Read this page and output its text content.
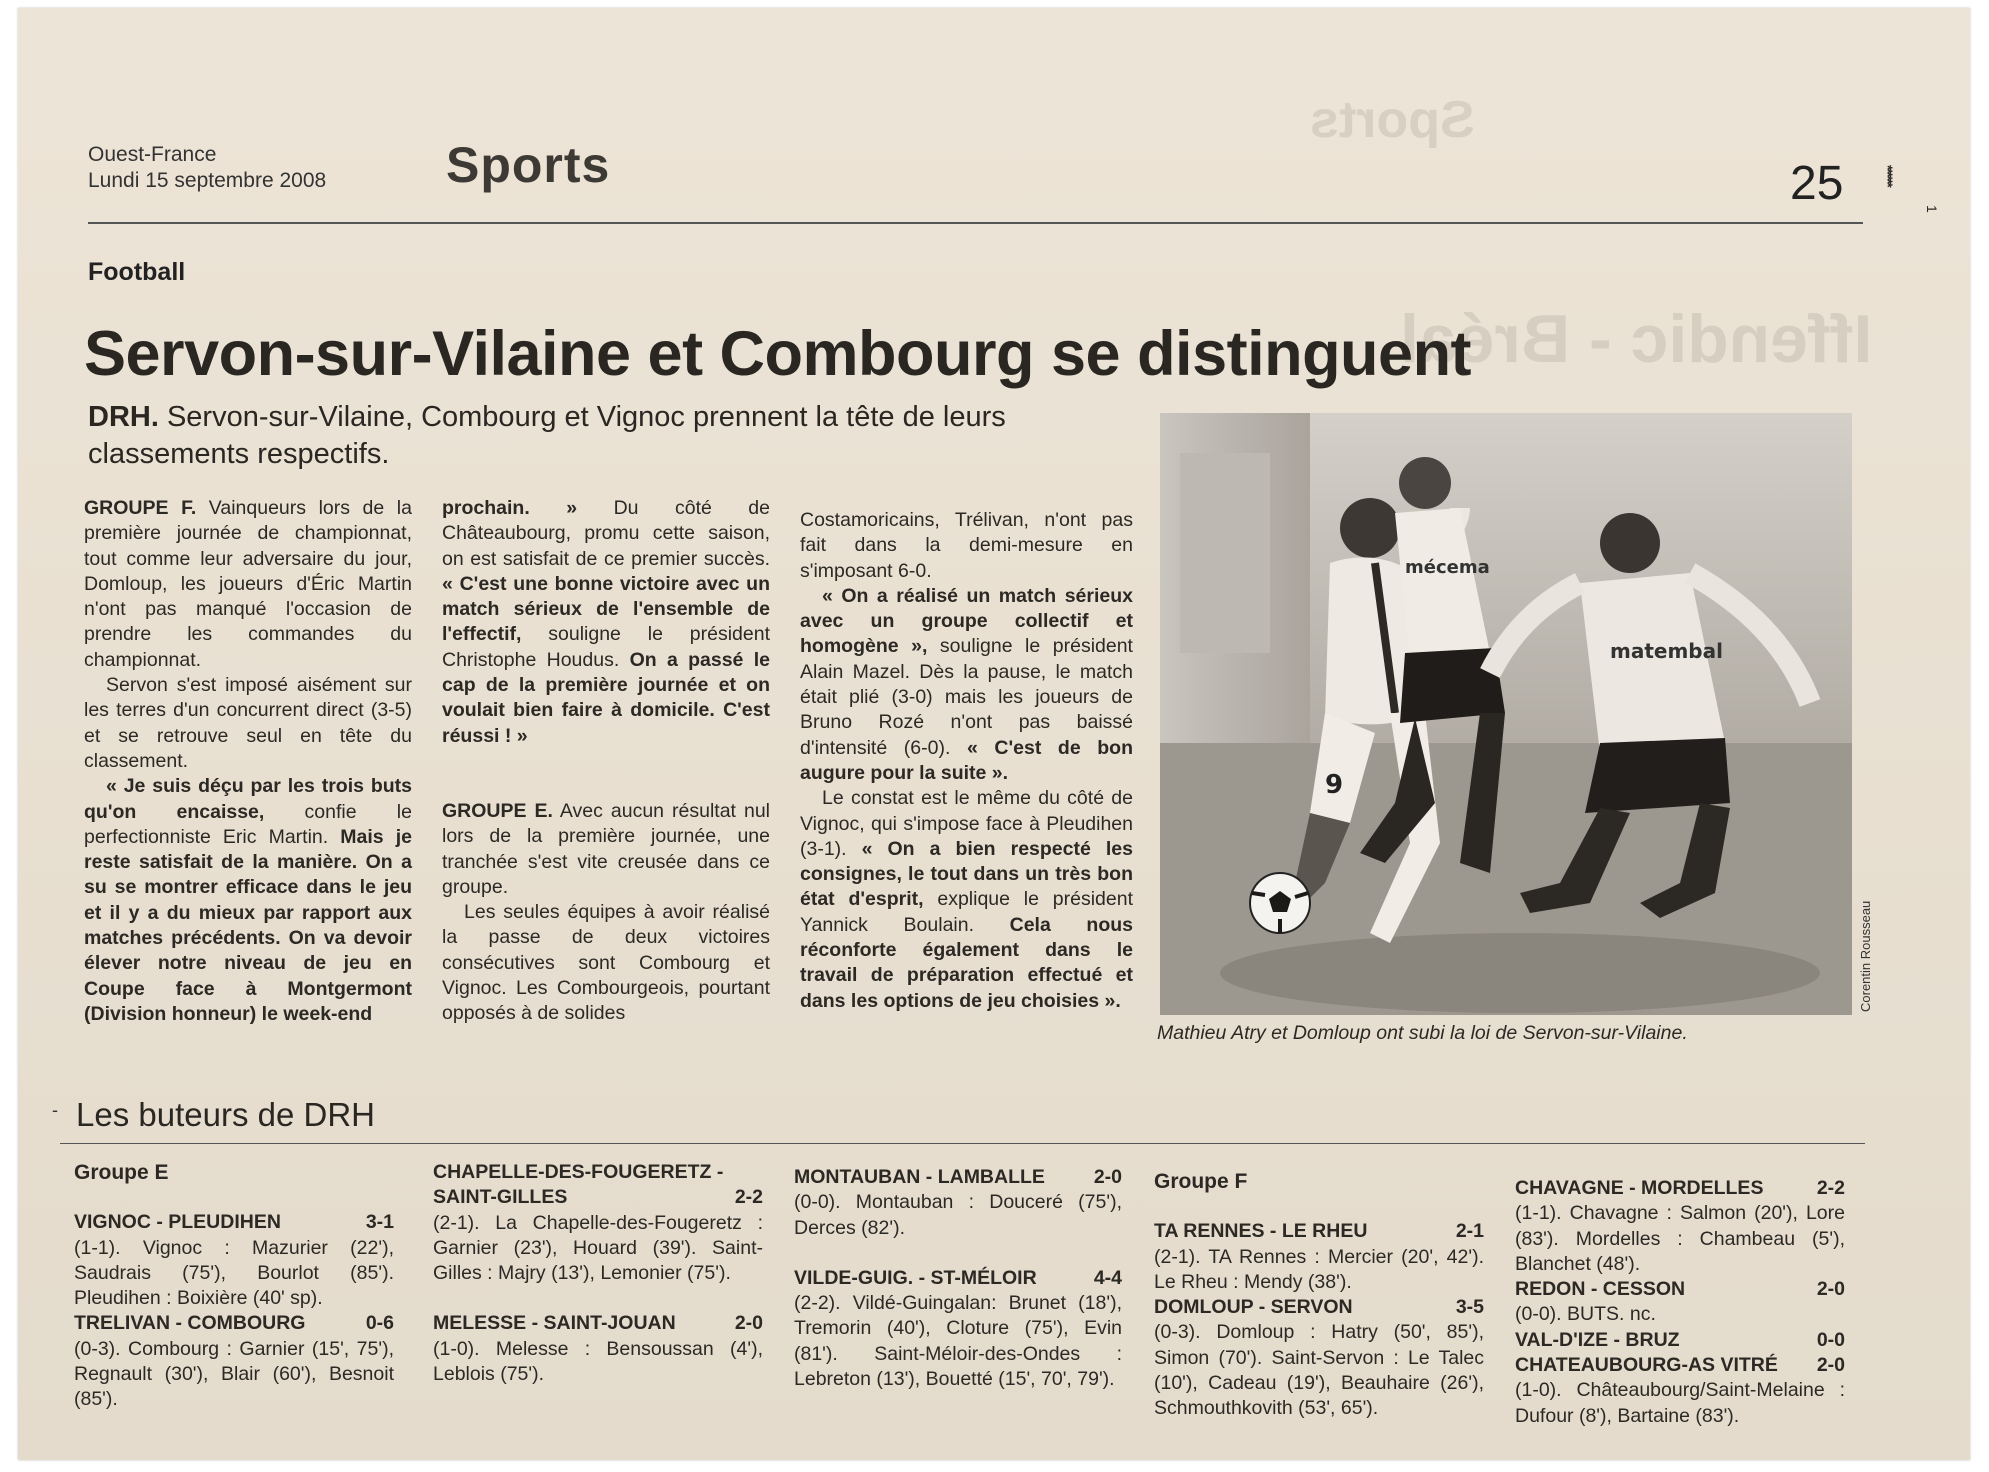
Sports
Iffendic - Bréal
Ouest-France
Lundi 15 septembre 2008 Sports	25	******
1
Football
Servon-sur-Vilaine et Combourg se distinguent
DRH. Servon-sur-Vilaine, Combourg et Vignoc prennent la tête de leurs classements respectifs.

GROUPE F. Vainqueurs lors de la première journée de championnat, tout comme leur adversaire du jour, Domloup, les joueurs d'Éric Martin n'ont pas manqué l'occasion de prendre les commandes du championnat.

Servon s'est imposé aisément sur les terres d'un concurrent direct (3-5) et se retrouve seul en tête du classement.

« Je suis déçu par les trois buts qu'on encaisse, confie le perfectionniste Eric Martin. Mais je reste satisfait de la manière. On a su se montrer efficace dans le jeu et il y a du mieux par rapport aux matches précédents. On va devoir élever notre niveau de jeu en Coupe face à Montgermont (Division honneur) le week-end

prochain. » Du côté de Châteaubourg, promu cette saison, on est satisfait de ce premier succès. « C'est une bonne victoire avec un match sérieux de l'ensemble de l'effectif, souligne le président Christophe Houdus. On a passé le cap de la première journée et on voulait bien faire à domicile. C'est réussi ! »

GROUPE E. Avec aucun résultat nul lors de la première journée, une tranchée s'est vite creusée dans ce groupe.

Les seules équipes à avoir réalisé la passe de deux victoires consécutives sont Combourg et Vignoc. Les Combourgeois, pourtant opposés à de solides

Costamoricains, Trélivan, n'ont pas fait dans la demi-mesure en s'imposant 6-0.

« On a réalisé un match sérieux avec un groupe collectif et homogène », souligne le président Alain Mazel. Dès la pause, le match était plié (3-0) mais les joueurs de Bruno Rozé n'ont pas baissé d'intensité (6-0). « C'est de bon augure pour la suite ».

Le constat est le même du côté de Vignoc, qui s'impose face à Pleudihen (3-1). « On a bien respecté les consignes, le tout dans un très bon état d'esprit, explique le président Yannick Boulain. Cela nous réconforte également dans le travail de préparation effectué et dans les options de jeu choisies ».

9
mécema
matembal
Corentin Rousseau
Mathieu Atry et Domloup ont subi la loi de Servon-sur-Vilaine.
- Les buteurs de DRH
Groupe E
VIGNOC - PLEUDIHEN	3-1
(1-1). Vignoc : Mazurier (22'), Saudrais (75'), Bourlot (85'). Pleudihen : Boixière (40' sp).
TRELIVAN - COMBOURG	0-6
(0-3). Combourg : Garnier (15', 75'), Regnault (30'), Blair (60'), Besnoit (85').
CHAPELLE-DES-FOUGERETZ -
SAINT-GILLES	2-2
(2-1). La Chapelle-des-Fougeretz : Garnier (23'), Houard (39'). Saint-Gilles : Majry (13'), Lemonier (75').
MELESSE - SAINT-JOUAN	2-0
(1-0). Melesse : Bensoussan (4'), Leblois (75').
MONTAUBAN - LAMBALLE	2-0
(0-0). Montauban : Douceré (75'), Derces (82').
VILDE-GUIG. - ST-MÉLOIR	4-4
(2-2). Vildé-Guingalan: Brunet (18'), Tremorin (40'), Cloture (75'), Evin (81'). Saint-Méloir-des-Ondes : Lebreton (13'), Bouetté (15', 70', 79').
Groupe F
TA RENNES - LE RHEU	2-1
(2-1). TA Rennes : Mercier (20', 42'). Le Rheu : Mendy (38').
DOMLOUP - SERVON	3-5
(0-3). Domloup : Hatry (50', 85'), Simon (70'). Saint-Servon : Le Talec (10'), Cadeau (19'), Beauhaire (26'), Schmouthkovith (53', 65').
CHAVAGNE - MORDELLES	2-2
(1-1). Chavagne : Salmon (20'), Lore (83'). Mordelles : Chambeau (5'), Blanchet (48').
REDON - CESSON	2-0
(0-0). BUTS. nc.
VAL-D'IZE - BRUZ	0-0
CHATEAUBOURG-AS VITRÉ 2-0
(1-0). Châteaubourg/Saint-Melaine : Dufour (8'), Bartaine (83').
